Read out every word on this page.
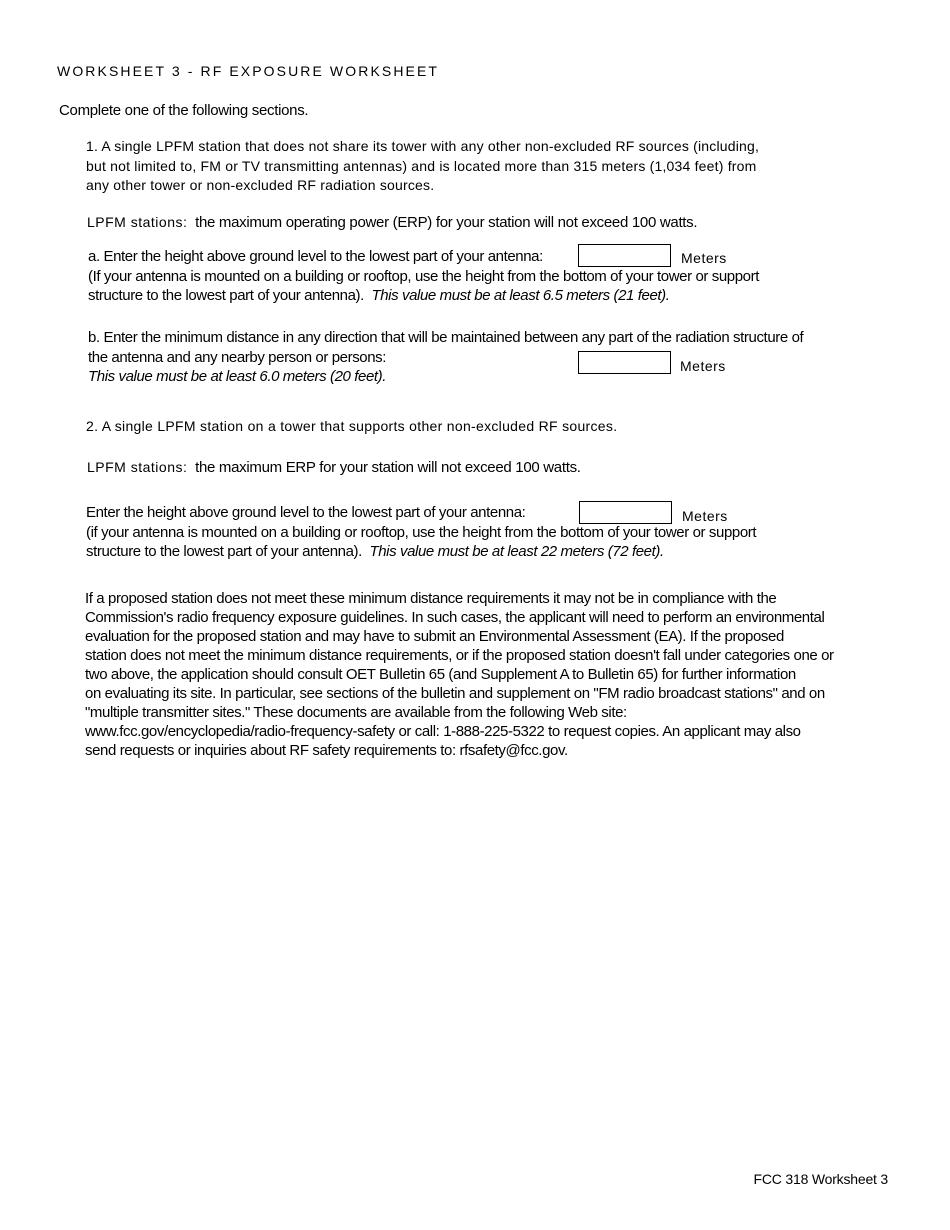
WORKSHEET 3 - RF EXPOSURE WORKSHEET
Complete one of the following sections.
1. A single LPFM station that does not share its tower with any other non-excluded RF sources (including,
but not limited to, FM or TV transmitting antennas) and is located more than 315 meters (1,034 feet) from
any other tower or non-excluded RF radiation sources.
LPFM stations:  the maximum operating power (ERP) for your station will not exceed 100 watts.
a. Enter the height above ground level to the lowest part of your antenna:
(If your antenna is mounted on a building or rooftop, use the height from the bottom of your tower or support
structure to the lowest part of your antenna).  This value must be at least 6.5 meters (21 feet).
Meters
b. Enter the minimum distance in any direction that will be maintained between any part of the radiation structure of
the antenna and any nearby person or persons:
This value must be at least 6.0 meters (20 feet).
Meters
2. A single LPFM station on a tower that supports other non-excluded RF sources.
LPFM stations:  the maximum ERP for your station will not exceed 100 watts.
Enter the height above ground level to the lowest part of your antenna:
(if your antenna is mounted on a building or rooftop, use the height from the bottom of your tower or support
structure to the lowest part of your antenna).  This value must be at least 22 meters (72 feet).
Meters
If a proposed station does not meet these minimum distance requirements it may not be in compliance with the
Commission's radio frequency exposure guidelines. In such cases, the applicant will need to perform an environmental
evaluation for the proposed station and may have to submit an Environmental Assessment (EA). If the proposed
station does not meet the minimum distance requirements, or if the proposed station doesn't fall under categories one or
two above, the application should consult OET Bulletin 65 (and Supplement A to Bulletin 65) for further information
on evaluating its site. In particular, see sections of the bulletin and supplement on "FM radio broadcast stations" and on
"multiple transmitter sites." These documents are available from the following Web site:
www.fcc.gov/encyclopedia/radio-frequency-safety or call: 1-888-225-5322 to request copies. An applicant may also
send requests or inquiries about RF safety requirements to: rfsafety@fcc.gov.
FCC 318 Worksheet 3
